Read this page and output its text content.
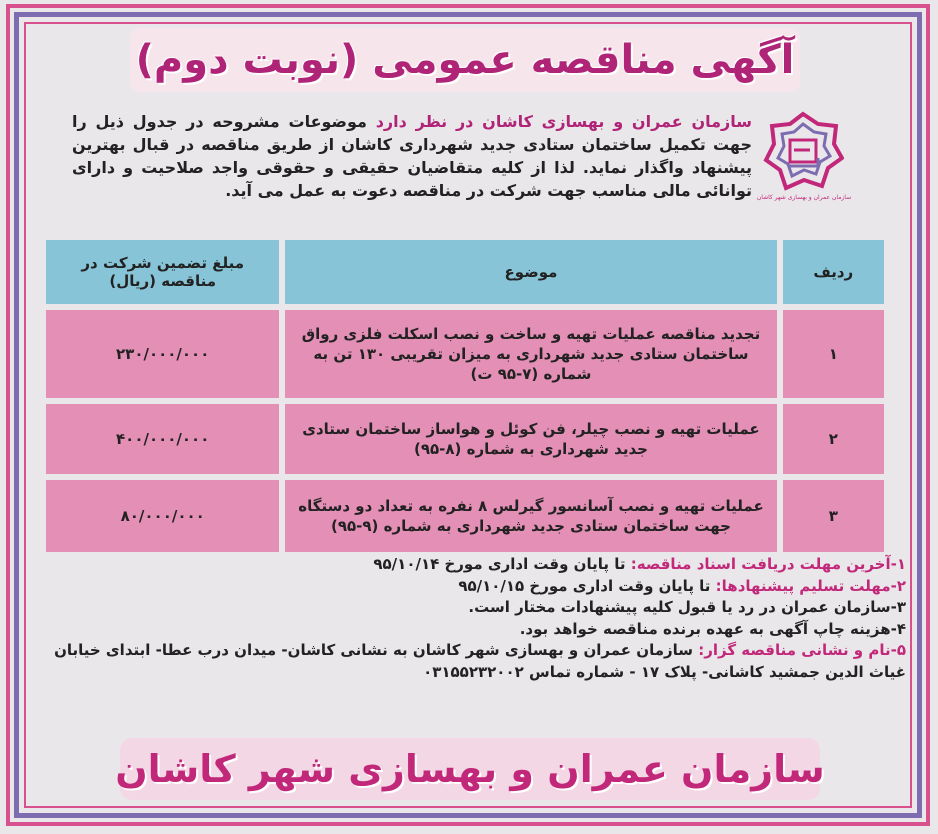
آگهی مناقصه عمومی (نوبت دوم)
سازمان عمران و بهسازی شهر کاشان
سازمان عمران و بهسازی کاشان در نظر دارد موضوعات مشروحه در جدول ذیل را جهت تکمیل ساختمان ستادی جدید شهرداری کاشان از طریق مناقصه در قبال بهترین پیشنهاد واگذار نماید. لذا از کلیه متقاضیان حقیقی و حقوقی واجد صلاحیت و دارای توانائی مالی مناسب جهت شرکت در مناقصه دعوت به عمل می آید.
ردیف	موضوع	مبلغ تضمین شرکت در مناقصه (ریال)
۱	تجدید مناقصه عملیات تهیه و ساخت و نصب اسکلت فلزی رواق ساختمان ستادی جدید شهرداری به میزان تقریبی ۱۳۰ تن به شماره (۷-۹۵ ت)	۲۳۰/۰۰۰/۰۰۰
۲	عملیات تهیه و نصب چیلر، فن کوئل و هواساز ساختمان ستادی جدید شهرداری به شماره (۸-۹۵)	۴۰۰/۰۰۰/۰۰۰
۳	عملیات تهیه و نصب آسانسور گیرلس ۸ نفره به تعداد دو دستگاه جهت ساختمان ستادی جدید شهرداری به شماره (۹-۹۵)	۸۰/۰۰۰/۰۰۰

۱-آخرین مهلت دریافت اسناد مناقصه: تا پایان وقت اداری مورخ ۹۵/۱۰/۱۴

۲-مهلت تسلیم پیشنهادها: تا پایان وقت اداری مورخ ۹۵/۱۰/۱۵

۳-سازمان عمران در رد یا قبول کلیه پیشنهادات مختار است.

۴-هزینه چاپ آگهی به عهده برنده مناقصه خواهد بود.

۵-نام و نشانی مناقصه گزار: سازمان عمران و بهسازی شهر کاشان به نشانی کاشان- میدان درب عطا- ابتدای خیابان غیاث الدین جمشید کاشانی- پلاک ۱۷ - شماره تماس ۰۳۱۵۵۲۳۲۰۰۲

سازمان عمران و بهسازی شهر کاشان
